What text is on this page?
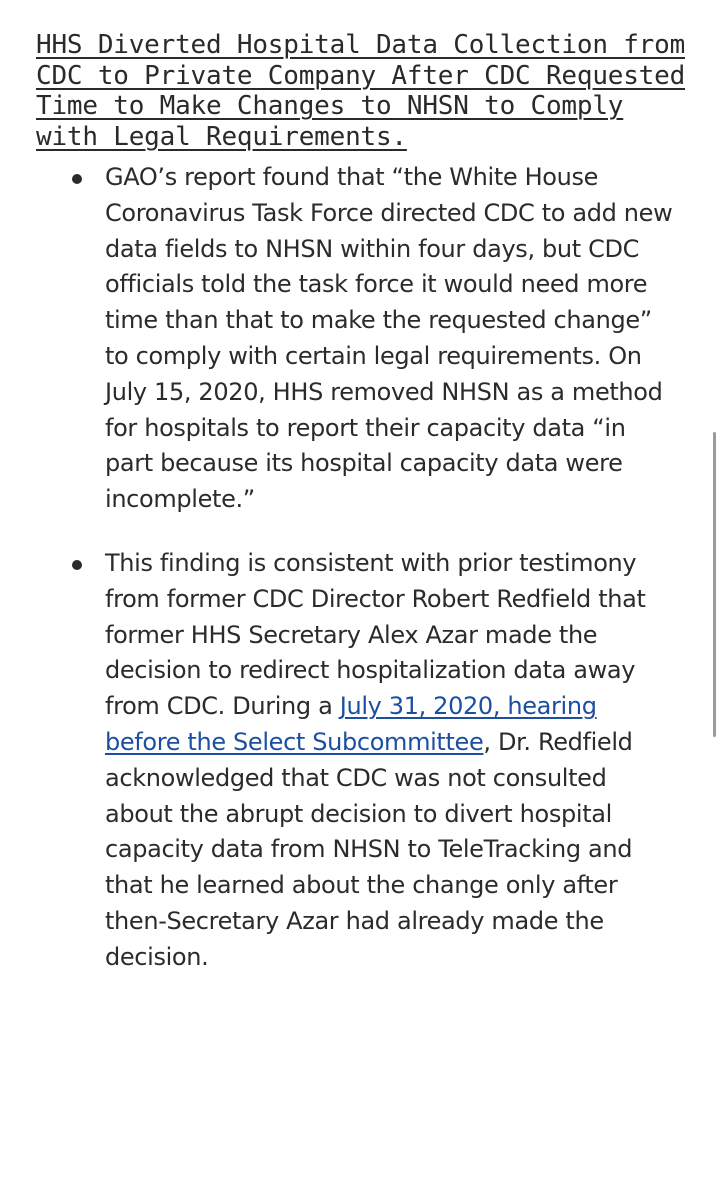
HHS Diverted Hospital Data Collection from CDC to Private Company After CDC Requested Time to Make Changes to NHSN to Comply with Legal Requirements.
GAO’s report found that “the White House Coronavirus Task Force directed CDC to add new data fields to NHSN within four days, but CDC officials told the task force it would need more time than that to make the requested change” to comply with certain legal requirements. On July 15, 2020, HHS removed NHSN as a method for hospitals to report their capacity data “in part because its hospital capacity data were incomplete.”
This finding is consistent with prior testimony from former CDC Director Robert Redfield that former HHS Secretary Alex Azar made the decision to redirect hospitalization data away from CDC. During a July 31, 2020, hearing before the Select Subcommittee, Dr. Redfield acknowledged that CDC was not consulted about the abrupt decision to divert hospital capacity data from NHSN to TeleTracking and that he learned about the change only after then-Secretary Azar had already made the decision.
